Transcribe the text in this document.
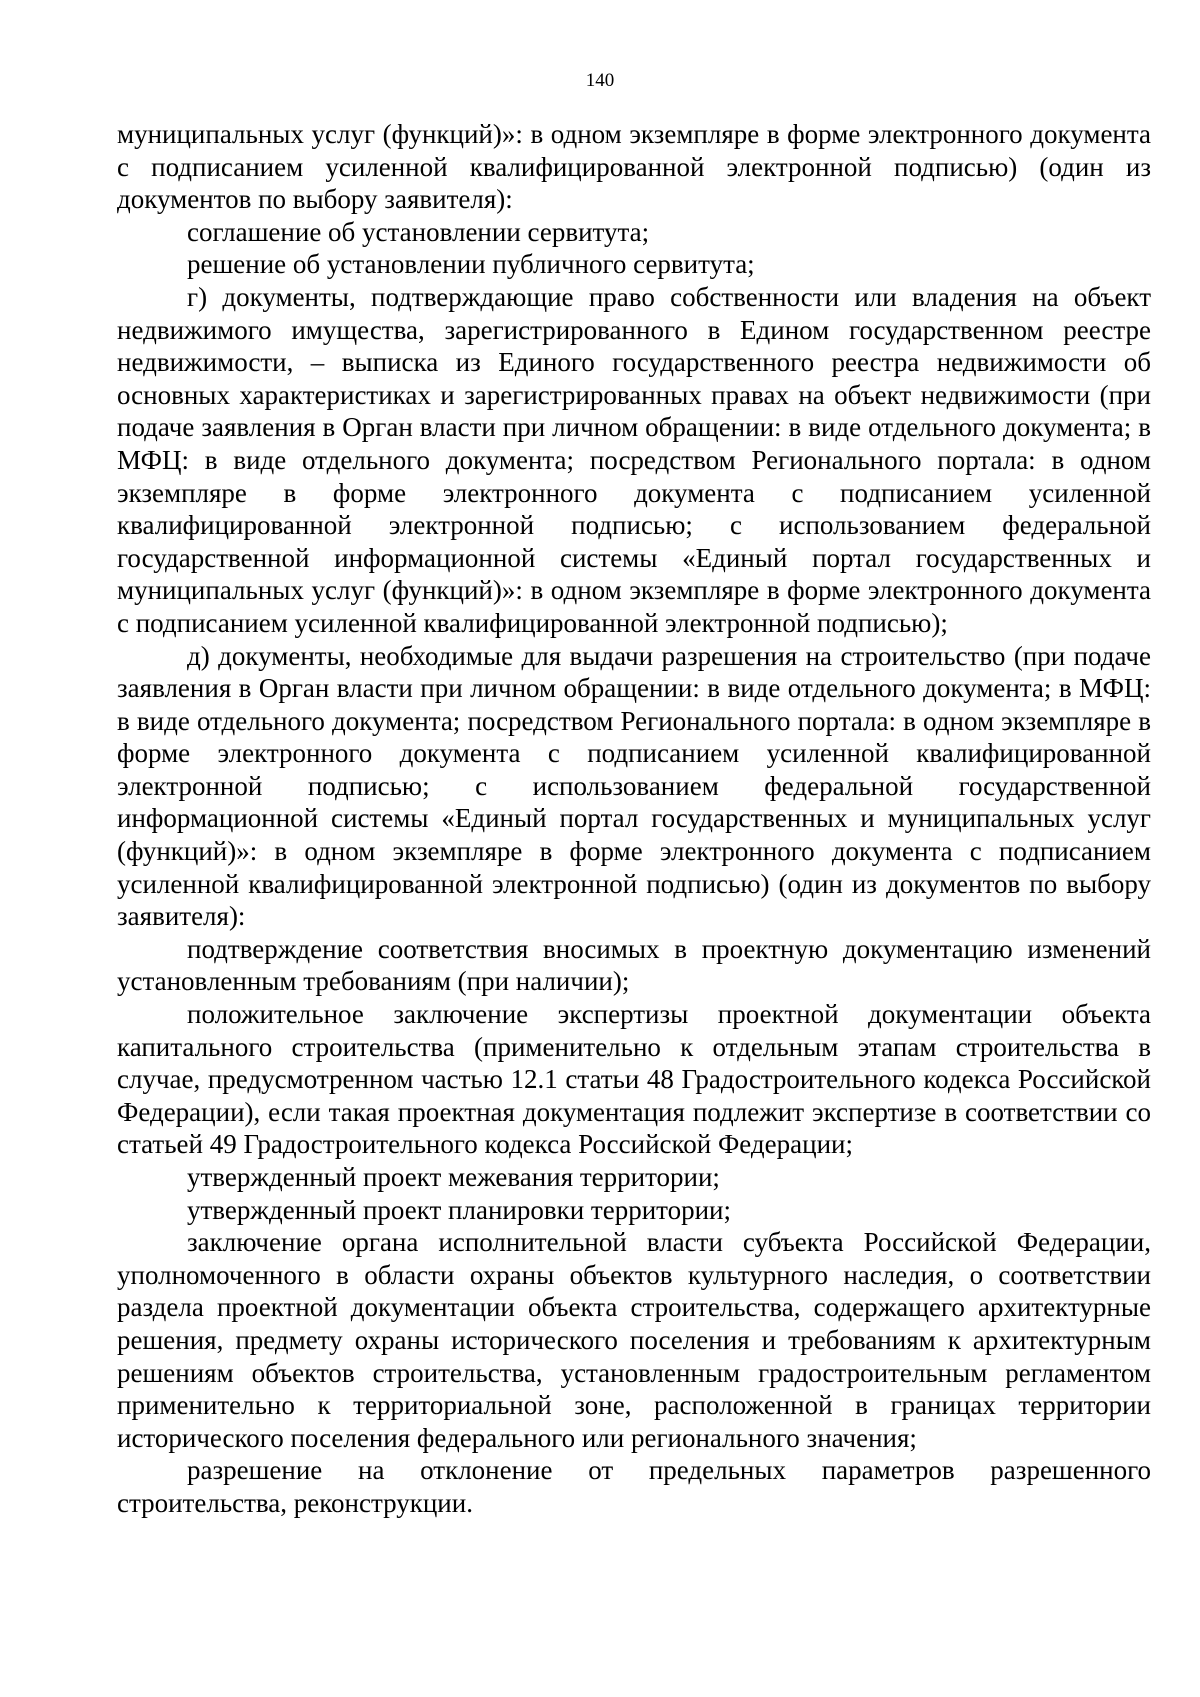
140

муниципальных услуг (функций)»: в одном экземпляре в форме электронного документа с подписанием усиленной квалифицированной электронной подписью) (один из документов по выбору заявителя):

соглашение об установлении сервитута;

решение об установлении публичного сервитута;

г) документы, подтверждающие право собственности или владения на объект недвижимого имущества, зарегистрированного в Едином государственном реестре недвижимости, – выписка из Единого государственного реестра недвижимости об основных характеристиках и зарегистрированных правах на объект недвижимости (при подаче заявления в Орган власти при личном обращении: в виде отдельного документа; в МФЦ: в виде отдельного документа; посредством Регионального портала: в одном экземпляре в форме электронного документа с подписанием усиленной квалифицированной электронной подписью; с использованием федеральной государственной информационной системы «Единый портал государственных и муниципальных услуг (функций)»: в одном экземпляре в форме электронного документа с подписанием усиленной квалифицированной электронной подписью);

д) документы, необходимые для выдачи разрешения на строительство (при подаче заявления в Орган власти при личном обращении: в виде отдельного документа; в МФЦ: в виде отдельного документа; посредством Регионального портала: в одном экземпляре в форме электронного документа с подписанием усиленной квалифицированной электронной подписью; с использованием федеральной государственной информационной системы «Единый портал государственных и муниципальных услуг (функций)»: в одном экземпляре в форме электронного документа с подписанием усиленной квалифицированной электронной подписью) (один из документов по выбору заявителя):

подтверждение соответствия вносимых в проектную документацию изменений установленным требованиям (при наличии);

положительное заключение экспертизы проектной документации объекта капитального строительства (применительно к отдельным этапам строительства в случае, предусмотренном частью 12.1 статьи 48 Градостроительного кодекса Российской Федерации), если такая проектная документация подлежит экспертизе в соответствии со статьей 49 Градостроительного кодекса Российской Федерации;

утвержденный проект межевания территории;

утвержденный проект планировки территории;

заключение органа исполнительной власти субъекта Российской Федерации, уполномоченного в области охраны объектов культурного наследия, о соответствии раздела проектной документации объекта строительства, содержащего архитектурные решения, предмету охраны исторического поселения и требованиям к архитектурным решениям объектов строительства, установленным градостроительным регламентом применительно к территориальной зоне, расположенной в границах территории исторического поселения федерального или регионального значения;

разрешение на отклонение от предельных параметров разрешенного строительства, реконструкции.
